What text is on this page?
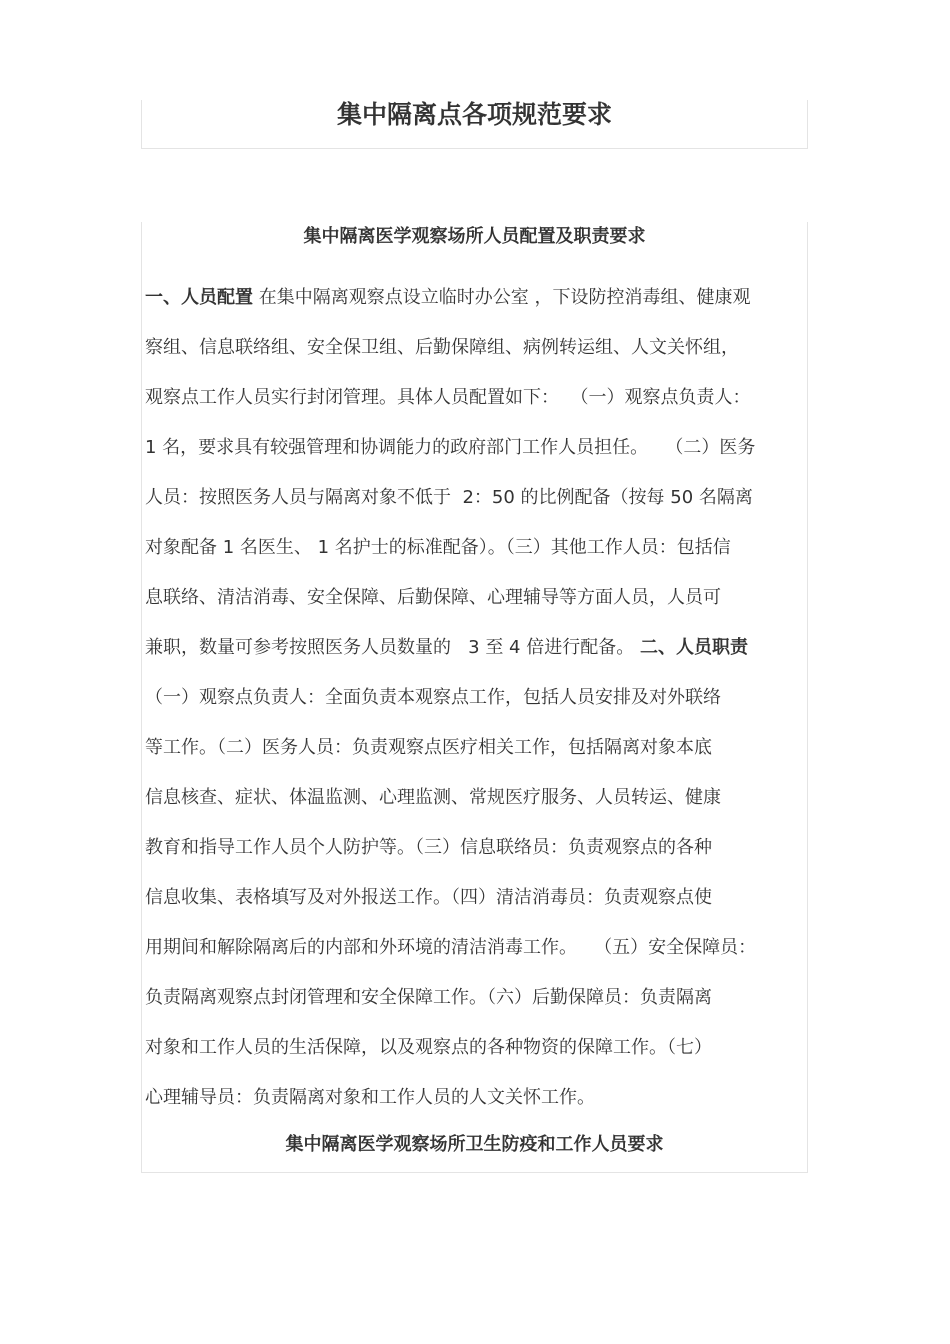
集中隔离点各项规范要求
集中隔离医学观察场所人员配置及职责要求
一、人员配置 在集中隔离观察点设立临时办公室 ，下设防控消毒组、健康观
察组、信息联络组、安全保卫组、后勤保障组、病例转运组、人文关怀组，
观察点工作人员实行封闭管理。具体人员配置如下：  （一）观察点负责人：
1 名，要求具有较强管理和协调能力的政府部门工作人员担任。   （二）医务
人员：按照医务人员与隔离对象不低于  2：50 的比例配备（按每 50 名隔离
对象配备 1 名医生、 1 名护士的标准配备）。（三）其他工作人员：包括信
息联络、清洁消毒、安全保障、后勤保障、心理辅导等方面人员，人员可
兼职，数量可参考按照医务人员数量的   3 至 4 倍进行配备。 二、人员职责
（一）观察点负责人：全面负责本观察点工作，包括人员安排及对外联络
等工作。（二）医务人员：负责观察点医疗相关工作，包括隔离对象本底
信息核查、症状、体温监测、心理监测、常规医疗服务、人员转运、健康
教育和指导工作人员个人防护等。（三）信息联络员：负责观察点的各种
信息收集、表格填写及对外报送工作。（四）清洁消毒员：负责观察点使
用期间和解除隔离后的内部和外环境的清洁消毒工作。   （五）安全保障员：
负责隔离观察点封闭管理和安全保障工作。（六）后勤保障员：负责隔离
对象和工作人员的生活保障，以及观察点的各种物资的保障工作。（七）
心理辅导员：负责隔离对象和工作人员的人文关怀工作。
集中隔离医学观察场所卫生防疫和工作人员要求
